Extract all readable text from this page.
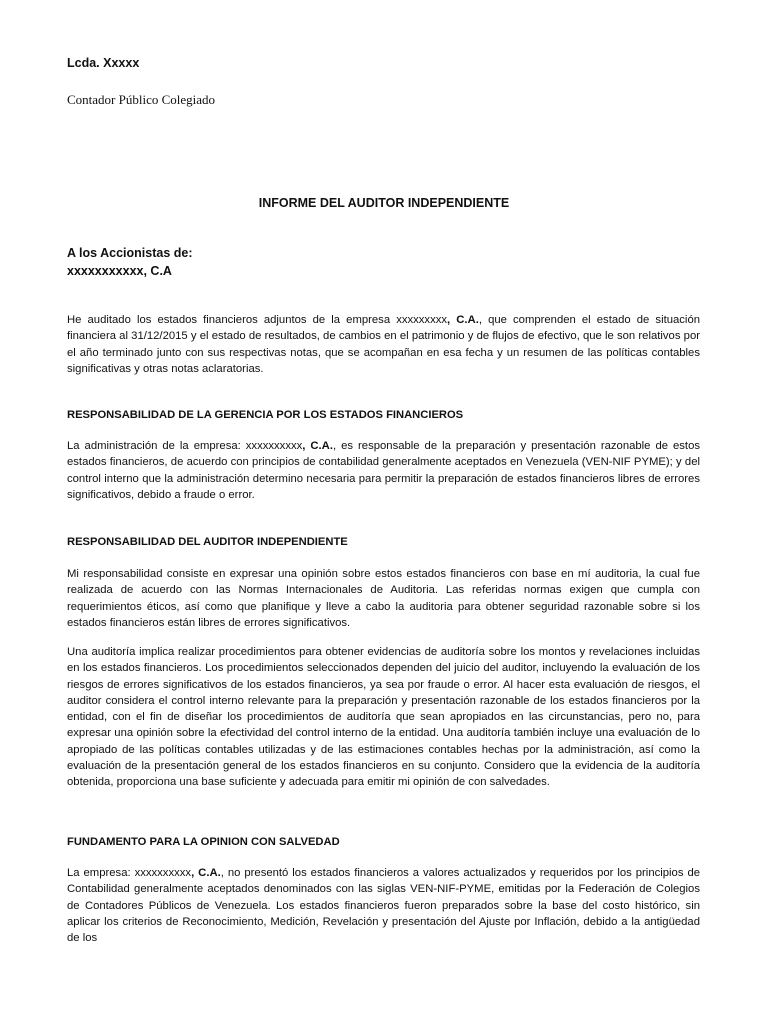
Lcda. Xxxxx
Contador Público Colegiado
INFORME DEL AUDITOR INDEPENDIENTE
A los Accionistas de:
xxxxxxxxxxx, C.A

He auditado los estados financieros adjuntos de la empresa xxxxxxxxx, C.A., que comprenden el estado de situación financiera al 31/12/2015 y el estado de resultados, de cambios en el patrimonio y de flujos de efectivo, que le son relativos por el año terminado junto con sus respectivas notas, que se acompañan en esa fecha y un resumen de las políticas contables significativas y otras notas aclaratorias.

RESPONSABILIDAD DE LA GERENCIA POR LOS ESTADOS FINANCIEROS

La administración de la empresa: xxxxxxxxxx, C.A., es responsable de la preparación y presentación razonable de estos estados financieros, de acuerdo con principios de contabilidad generalmente aceptados en Venezuela (VEN-NIF PYME); y del control interno que la administración determino necesaria para permitir la preparación de estados financieros libres de errores significativos, debido a fraude o error.

RESPONSABILIDAD DEL AUDITOR INDEPENDIENTE

Mi responsabilidad consiste en expresar una opinión sobre estos estados financieros con base en mí auditoria, la cual fue realizada de acuerdo con las Normas Internacionales de Auditoria. Las referidas normas exigen que cumpla con requerimientos éticos, así como que planifique y lleve a cabo la auditoria para obtener seguridad razonable sobre si los estados financieros están libres de errores significativos.

Una auditoría implica realizar procedimientos para obtener evidencias de auditoría sobre los montos y revelaciones incluidas en los estados financieros. Los procedimientos seleccionados dependen del juicio del auditor, incluyendo la evaluación de los riesgos de errores significativos de los estados financieros, ya sea por fraude o error. Al hacer esta evaluación de riesgos, el auditor considera el control interno relevante para la preparación y presentación razonable de los estados financieros por la entidad, con el fin de diseñar los procedimientos de auditoría que sean apropiados en las circunstancias, pero no, para expresar una opinión sobre la efectividad del control interno de la entidad. Una auditoría también incluye una evaluación de lo apropiado de las políticas contables utilizadas y de las estimaciones contables hechas por la administración, así como la evaluación de la presentación general de los estados financieros en su conjunto. Considero que la evidencia de la auditoría obtenida, proporciona una base suficiente y adecuada para emitir mi opinión de con salvedades.

FUNDAMENTO PARA LA OPINION CON SALVEDAD

La empresa: xxxxxxxxxx, C.A., no presentó los estados financieros a valores actualizados y requeridos por los principios de Contabilidad generalmente aceptados denominados con las siglas VEN-NIF-PYME, emitidas por la Federación de Colegios de Contadores Públicos de Venezuela. Los estados financieros fueron preparados sobre la base del costo histórico, sin aplicar los criterios de Reconocimiento, Medición, Revelación y presentación del Ajuste por Inflación, debido a la antigüedad de los
